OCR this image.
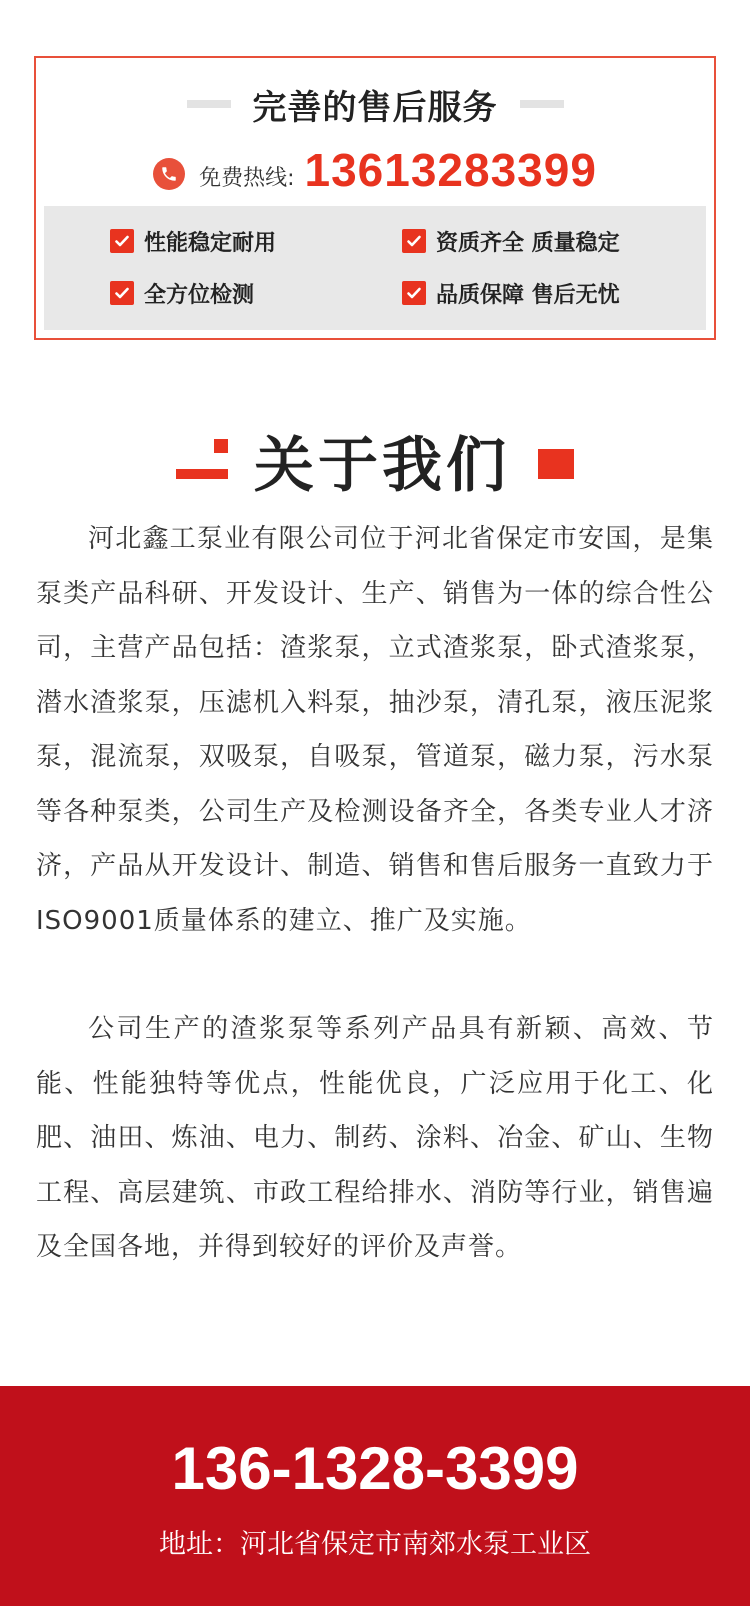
完善的售后服务
免费热线: 13613283399
性能稳定耐用	资质齐全 质量稳定
全方位检测	品质保障 售后无忧
关于我们

河北鑫工泵业有限公司位于河北省保定市安国，是集泵类产品科研、开发设计、生产、销售为一体的综合性公司，主营产品包括：渣浆泵，立式渣浆泵，卧式渣浆泵，潜水渣浆泵，压滤机入料泵，抽沙泵，清孔泵，液压泥浆泵，混流泵，双吸泵，自吸泵，管道泵，磁力泵，污水泵等各种泵类，公司生产及检测设备齐全，各类专业人才济济，产品从开发设计、制造、销售和售后服务一直致力于ISO9001质量体系的建立、推广及实施。

公司生产的渣浆泵等系列产品具有新颖、高效、节能、性能独特等优点，性能优良，广泛应用于化工、化肥、油田、炼油、电力、制药、涂料、冶金、矿山、生物工程、高层建筑、市政工程给排水、消防等行业，销售遍及全国各地，并得到较好的评价及声誉。

136-1328-3399
地址：河北省保定市南郊水泵工业区
